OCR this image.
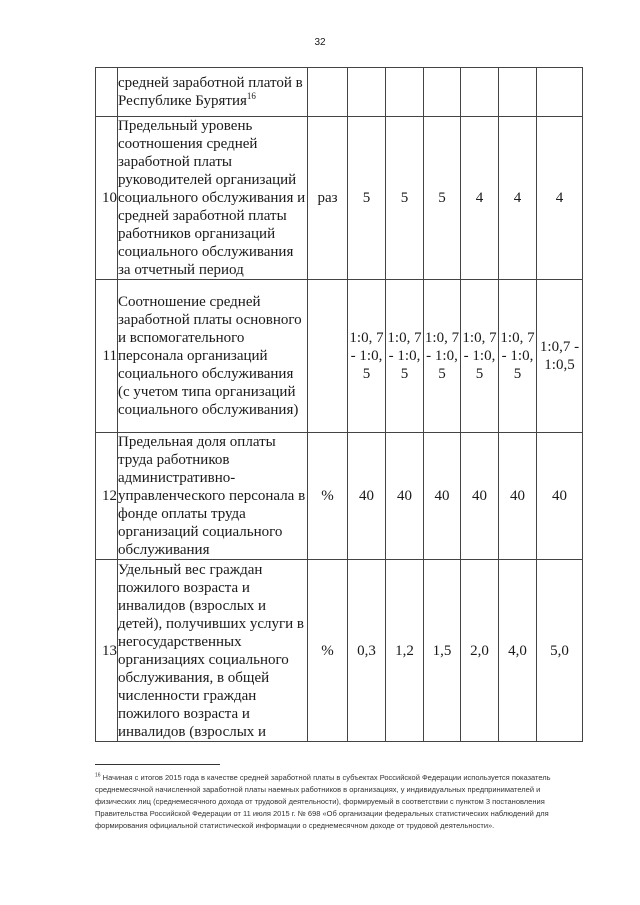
32
	средней заработной платой в Республике Бурятия$^{16}$							
10	Предельный уровень соотношения средней заработной платы руководителей организаций социального обслуживания и средней заработной платы работников организаций социального обслуживания за отчетный период	раз	5	5	5	4	4	4
11	Соотношение средней заработной платы основного и вспомогательного персонала организаций социального обслуживания (с учетом типа организаций социального обслуживания)		1:0, 7 - 1:0, 5	1:0, 7 - 1:0, 5	1:0, 7 - 1:0, 5	1:0, 7 - 1:0, 5	1:0, 7 - 1:0, 5	1:0,7 - 1:0,5
12	Предельная доля оплаты труда работников административно-управленческого персонала в фонде оплаты труда организаций социального обслуживания	%	40	40	40	40	40	40
13	Удельный вес граждан пожилого возраста и инвалидов (взрослых и детей), получивших услуги в негосударственных организациях социального обслуживания, в общей численности граждан пожилого возраста и инвалидов (взрослых и	%	0,3	1,2	1,5	2,0	4,0	5,0
$^{16}$ Начиная с итогов 2015 года в качестве средней заработной платы в субъектах Российской Федерации используется показатель среднемесячной начисленной заработной платы наемных работников в организациях, у индивидуальных предпринимателей и физических лиц (среднемесячного дохода от трудовой деятельности), формируемый в соответствии с пунктом 3 постановления Правительства Российской Федерации от 11 июля 2015 г. № 698 «Об организации федеральных статистических наблюдений для формирования официальной статистической информации о среднемесячном доходе от трудовой деятельности».
